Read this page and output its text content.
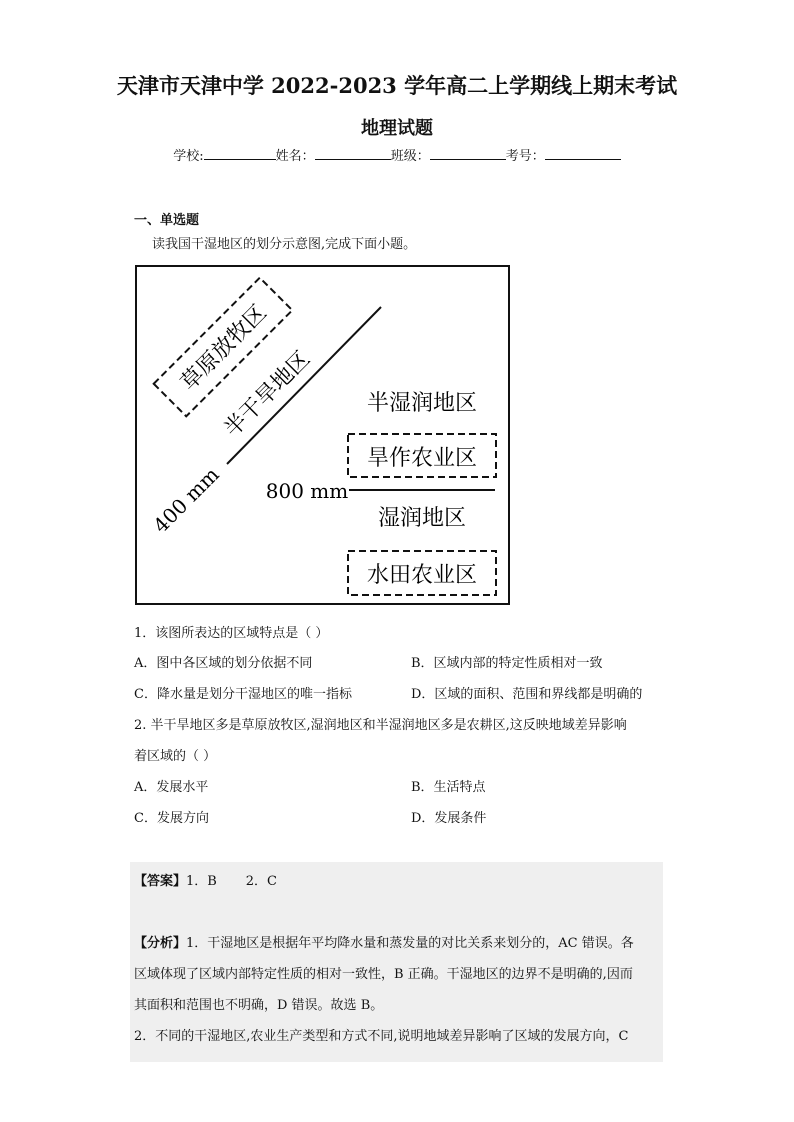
天津市天津中学 2022-2023 学年高二上学期线上期末考试
地理试题
学校:	姓名：	班级：	考号：
一、单选题
读我国干湿地区的划分示意图,完成下面小题。
草原放牧区
半干旱地区
400 mm
半湿润地区
旱作农业区
800 mm
湿润地区
水田农业区
1．该图所表达的区域特点是（ ）
A．图中各区域的划分依据不同	B．区域内部的特定性质相对一致
C．降水量是划分干湿地区的唯一指标	D．区域的面积、范围和界线都是明确的
2. 半干旱地区多是草原放牧区,湿润地区和半湿润地区多是农耕区,这反映地域差异影响
着区域的（ ）
A．发展水平	B．生活特点
C．发展方向	D．发展条件
【答案】1．B       2．C
【分析】1．干湿地区是根据年平均降水量和蒸发量的对比关系来划分的，AC 错误。各
区域体现了区域内部特定性质的相对一致性，B 正确。干湿地区的边界不是明确的,因而
其面积和范围也不明确，D 错误。故选 B。
2．不同的干湿地区,农业生产类型和方式不同,说明地域差异影响了区域的发展方向，C
